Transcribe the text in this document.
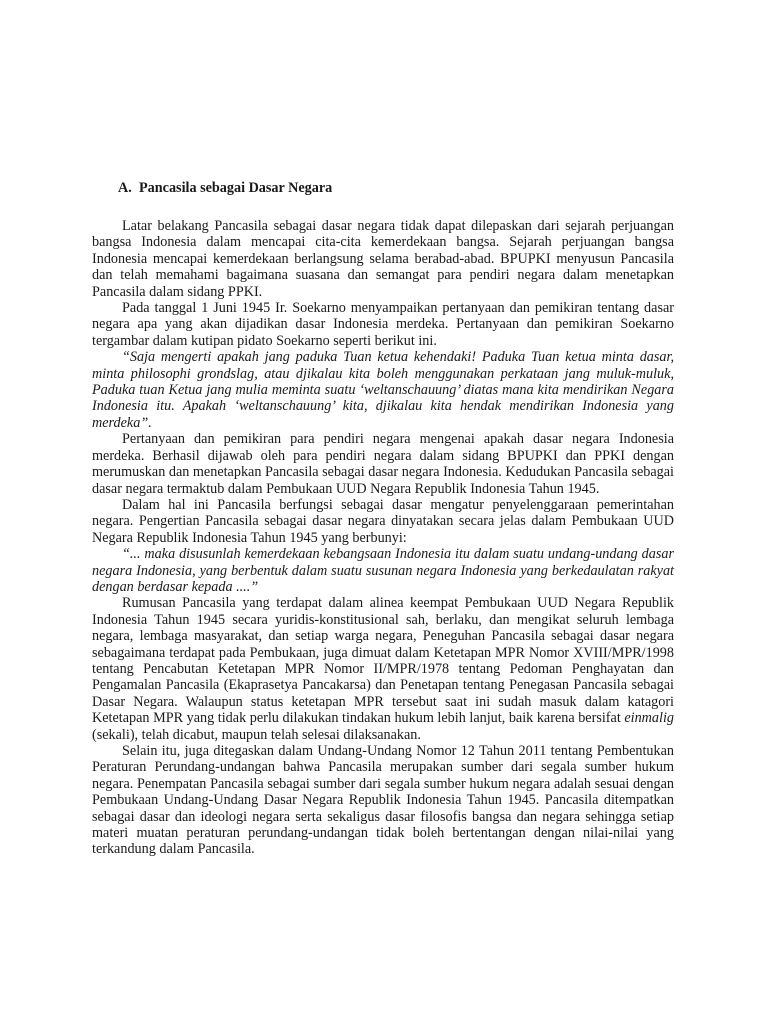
A. Pancasila sebagai Dasar Negara

Latar belakang Pancasila sebagai dasar negara tidak dapat dilepaskan dari sejarah perjuangan bangsa Indonesia dalam mencapai cita-cita kemerdekaan bangsa. Sejarah perjuangan bangsa Indonesia mencapai kemerdekaan berlangsung selama berabad-abad. BPUPKI menyusun Pancasila dan telah memahami bagaimana suasana dan semangat para pendiri negara dalam menetapkan Pancasila dalam sidang PPKI.

Pada tanggal 1 Juni 1945 Ir. Soekarno menyampaikan pertanyaan dan pemikiran tentang dasar negara apa yang akan dijadikan dasar Indonesia merdeka. Pertanyaan dan pemikiran Soekarno tergambar dalam kutipan pidato Soekarno seperti berikut ini.

“Saja mengerti apakah jang paduka Tuan ketua kehendaki! Paduka Tuan ketua minta dasar, minta philosophi grondslag, atau djikalau kita boleh menggunakan perkataan jang muluk-muluk, Paduka tuan Ketua jang mulia meminta suatu ‘weltanschauung’ diatas mana kita mendirikan Negara Indonesia itu. Apakah ‘weltanschauung’ kita, djikalau kita hendak mendirikan Indonesia yang merdeka”.

Pertanyaan dan pemikiran para pendiri negara mengenai apakah dasar negara Indonesia merdeka. Berhasil dijawab oleh para pendiri negara dalam sidang BPUPKI dan PPKI dengan merumuskan dan menetapkan Pancasila sebagai dasar negara Indonesia. Kedudukan Pancasila sebagai dasar negara termaktub dalam Pembukaan UUD Negara Republik Indonesia Tahun 1945.

Dalam hal ini Pancasila berfungsi sebagai dasar mengatur penyelenggaraan pemerintahan negara. Pengertian Pancasila sebagai dasar negara dinyatakan secara jelas dalam Pembukaan UUD Negara Republik Indonesia Tahun 1945 yang berbunyi:

“... maka disusunlah kemerdekaan kebangsaan Indonesia itu dalam suatu undang-undang dasar negara Indonesia, yang berbentuk dalam suatu susunan negara Indonesia yang berkedaulatan rakyat dengan berdasar kepada ....”

Rumusan Pancasila yang terdapat dalam alinea keempat Pembukaan UUD Negara Republik Indonesia Tahun 1945 secara yuridis-konstitusional sah, berlaku, dan mengikat seluruh lembaga negara, lembaga masyarakat, dan setiap warga negara, Peneguhan Pancasila sebagai dasar negara sebagaimana terdapat pada Pembukaan, juga dimuat dalam Ketetapan MPR Nomor XVIII/MPR/1998 tentang Pencabutan Ketetapan MPR Nomor II/MPR/1978 tentang Pedoman Penghayatan dan Pengamalan Pancasila (Ekaprasetya Pancakarsa) dan Penetapan tentang Penegasan Pancasila sebagai Dasar Negara. Walaupun status ketetapan MPR tersebut saat ini sudah masuk dalam katagori Ketetapan MPR yang tidak perlu dilakukan tindakan hukum lebih lanjut, baik karena bersifat einmalig (sekali), telah dicabut, maupun telah selesai dilaksanakan.

Selain itu, juga ditegaskan dalam Undang-Undang Nomor 12 Tahun 2011 tentang Pembentukan Peraturan Perundang-undangan bahwa Pancasila merupakan sumber dari segala sumber hukum negara. Penempatan Pancasila sebagai sumber dari segala sumber hukum negara adalah sesuai dengan Pembukaan Undang-Undang Dasar Negara Republik Indonesia Tahun 1945. Pancasila ditempatkan sebagai dasar dan ideologi negara serta sekaligus dasar filosofis bangsa dan negara sehingga setiap materi muatan peraturan perundang-undangan tidak boleh bertentangan dengan nilai-nilai yang terkandung dalam Pancasila.
